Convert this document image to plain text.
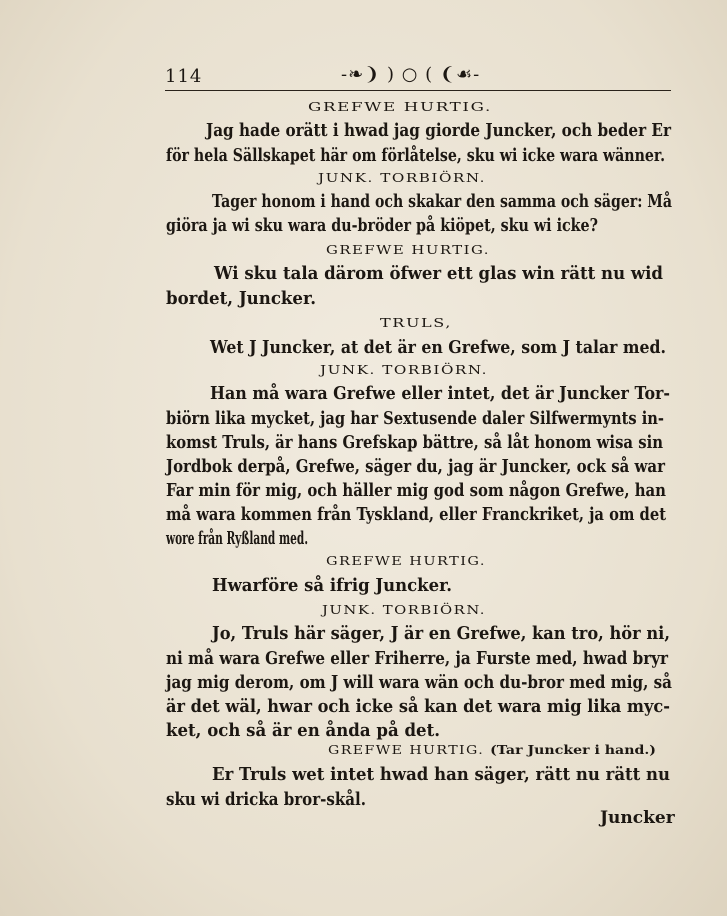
114	-❧❩ ) ○ ( ❨☙-
GREFWE HURTIG.
Jag hade orätt i hwad jag giorde Juncker, och beder Er
för hela Sällskapet här om förlåtelse, sku wi icke wara wänner.
JUNK. TORBIÖRN.
Tager honom i hand och skakar den samma och säger: Må
giöra ja wi sku wara du-bröder på kiöpet, sku wi icke?
GREFWE HURTIG.
Wi sku tala därom öfwer ett glas win rätt nu wid
bordet, Juncker.
TRULS,
Wet J Juncker, at det är en Grefwe, som J talar med.
JUNK. TORBIÖRN.
Han må wara Grefwe eller intet, det är Juncker Tor-
biörn lika mycket, jag har Sextusende daler Silfwermynts in-
komst Truls, är hans Grefskap bättre, så låt honom wisa sin
Jordbok derpå, Grefwe, säger du, jag är Juncker, ock så war
Far min för mig, och häller mig god som någon Grefwe, han
må wara kommen från Tyskland, eller Franckriket, ja om det
wore från Ryßland med.
GREFWE HURTIG.
Hwarföre så ifrig Juncker.
JUNK. TORBIÖRN.
Jo, Truls här säger, J är en Grefwe, kan tro, hör ni,
ni må wara Grefwe eller Friherre, ja Furste med, hwad bryr
jag mig derom, om J will wara wän och du-bror med mig, så
är det wäl, hwar och icke så kan det wara mig lika myc-
ket, och så är en ånda på det.
GREFWE HURTIG. (Tar Juncker i hand.)
Er Truls wet intet hwad han säger, rätt nu rätt nu
sku wi dricka bror-skål.
Juncker
